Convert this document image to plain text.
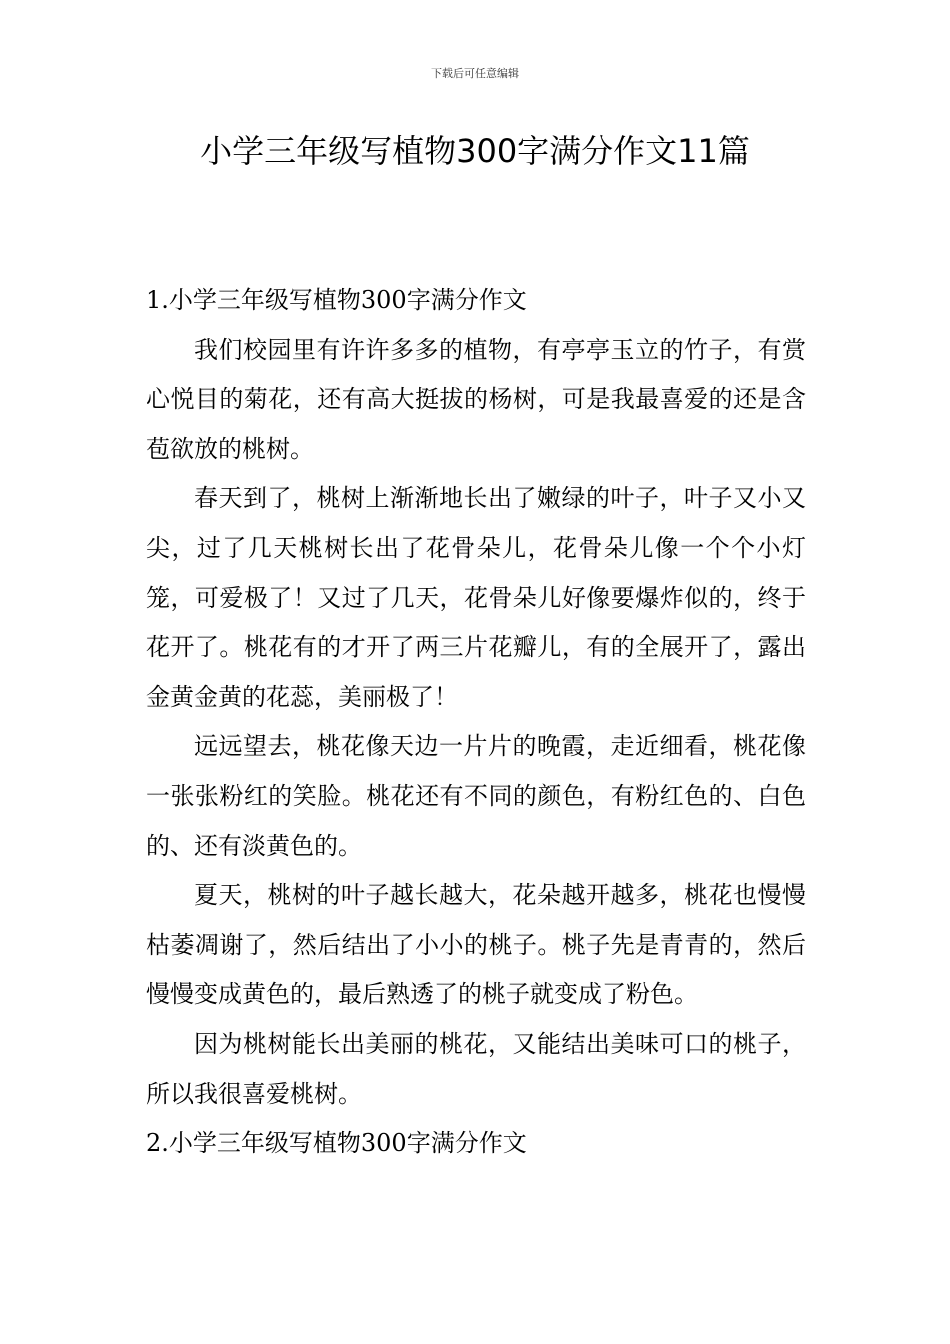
下载后可任意编辑
小学三年级写植物300字满分作文11篇
1.小学三年级写植物300字满分作文

我们校园里有许许多多的植物，有亭亭玉立的竹子，有赏心悦目的菊花，还有高大挺拔的杨树，可是我最喜爱的还是含苞欲放的桃树。

春天到了，桃树上渐渐地长出了嫩绿的叶子，叶子又小又尖，过了几天桃树长出了花骨朵儿，花骨朵儿像一个个小灯笼，可爱极了！又过了几天，花骨朵儿好像要爆炸似的，终于花开了。桃花有的才开了两三片花瓣儿，有的全展开了，露出金黄金黄的花蕊，美丽极了！

远远望去，桃花像天边一片片的晚霞，走近细看，桃花像一张张粉红的笑脸。桃花还有不同的颜色，有粉红色的、白色的、还有淡黄色的。

夏天，桃树的叶子越长越大，花朵越开越多，桃花也慢慢枯萎凋谢了，然后结出了小小的桃子。桃子先是青青的，然后慢慢变成黄色的，最后熟透了的桃子就变成了粉色。

因为桃树能长出美丽的桃花，又能结出美味可口的桃子，所以我很喜爱桃树。

2.小学三年级写植物300字满分作文
